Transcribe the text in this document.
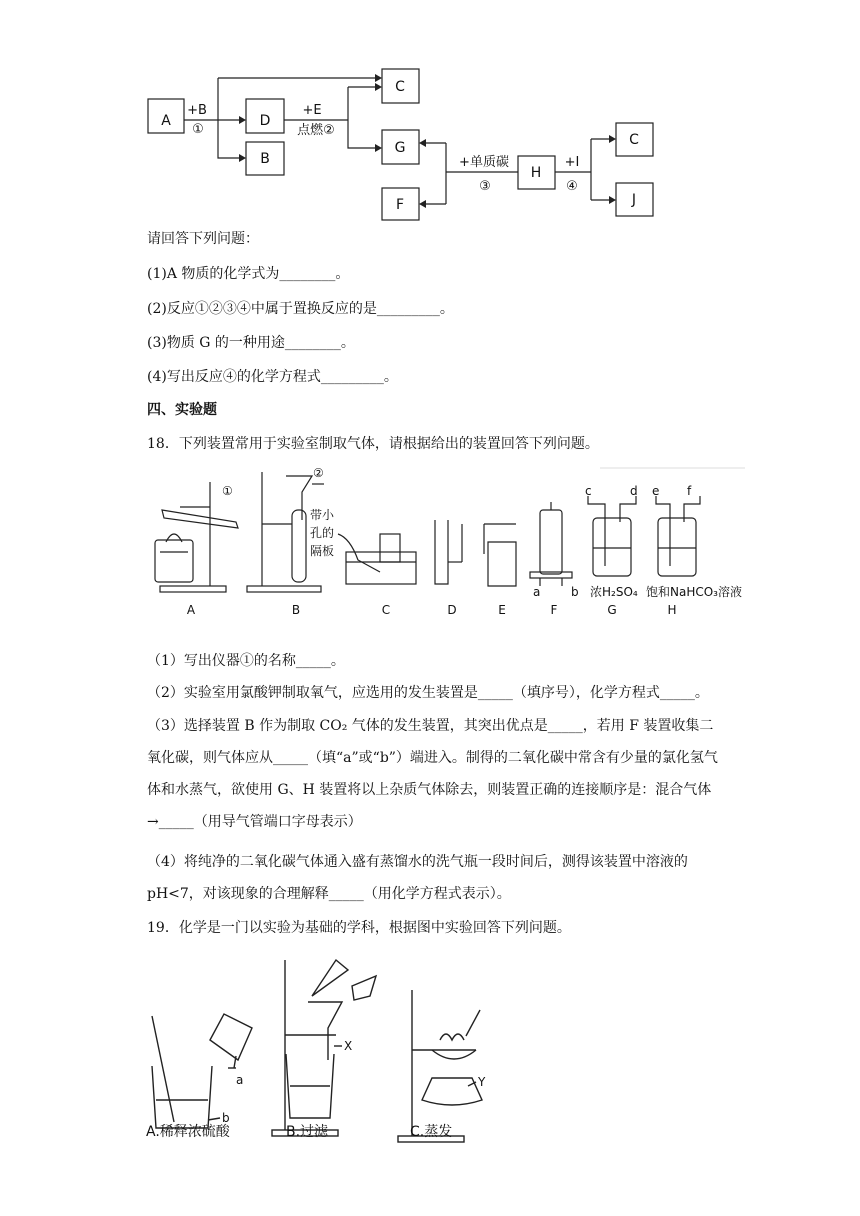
A	D
B
C
G
F
H
C
J
+B
①
+E
点燃②
+单质碳
③
+I
④
请回答下列问题：
(1)A 物质的化学式为________。
(2)反应①②③④中属于置换反应的是_________。
(3)物质 G 的一种用途________。
(4)写出反应④的化学方程式_________。
四、实验题
18．下列装置常用于实验室制取气体，请根据给出的装置回答下列问题。
①
②
带小
孔的
隔板
a	b
c	d e f
浓H₂SO₄ 饱和NaHCO₃溶液
A	B	C	D	E	F	G	H
（1）写出仪器①的名称_____。
（2）实验室用氯酸钾制取氧气，应选用的发生装置是_____（填序号），化学方程式_____。
（3）选择装置 B 作为制取 CO₂ 气体的发生装置，其突出优点是_____，若用 F 装置收集二氧化碳，则气体应从_____（填“a”或“b”）端进入。制得的二氧化碳中常含有少量的氯化氢气体和水蒸气，欲使用 G、H 装置将以上杂质气体除去，则装置正确的连接顺序是：混合气体→_____（用导气管端口字母表示）
（4）将纯净的二氧化碳气体通入盛有蒸馏水的洗气瓶一段时间后，测得该装置中溶液的 pH<7，对该现象的合理解释_____（用化学方程式表示）。
19．化学是一门以实验为基础的学科，根据图中实验回答下列问题。
a
b
X
Y
A.稀释浓硫酸	B.过滤	C.蒸发
